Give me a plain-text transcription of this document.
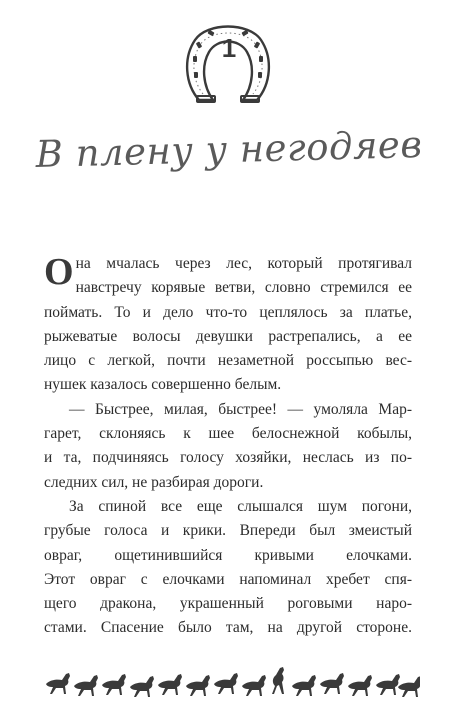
1
В плену у негодяев

О на мчалась через лес, который протягивал
навстречу корявые ветви, словно стремился ее
поймать. То и дело что-то цеплялось за платье,
рыжеватые волосы девушки растрепались, а ее
лицо с легкой, почти незаметной россыпью вес-
нушек казалось совершенно белым.

— Быстрее, милая, быстрее! — умоляла Мар-
гарет, склоняясь к шее белоснежной кобылы,
и та, подчиняясь голосу хозяйки, неслась из по-
следних сил, не разбирая дороги.

За спиной все еще слышался шум погони,
грубые голоса и крики. Впереди был змеистый
овраг, ощетинившийся кривыми елочками.
Этот овраг с елочками напоминал хребет спя-
щего дракона, украшенный роговыми наро-
стами. Спасение было там, на другой стороне.
